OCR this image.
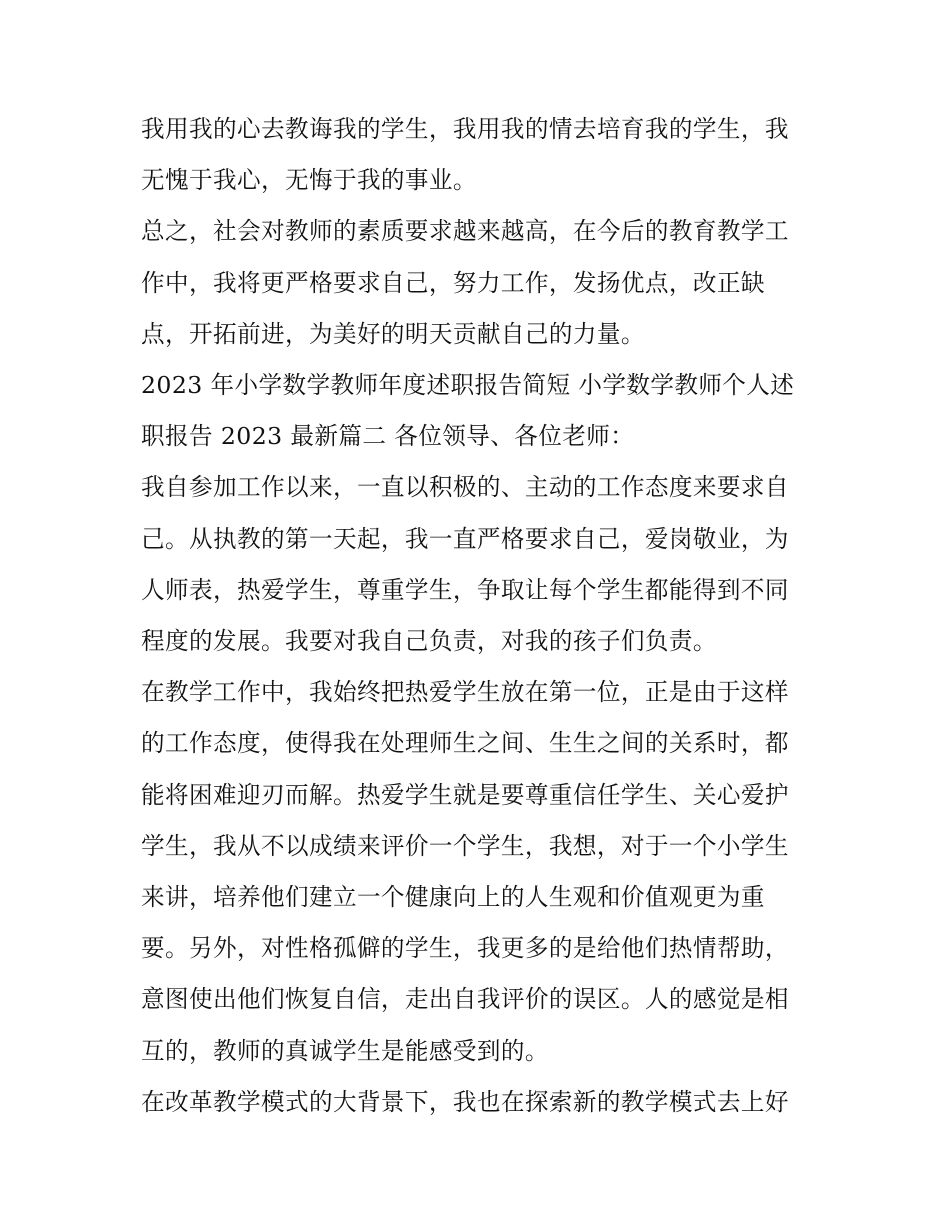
我用我的心去教诲我的学生，我用我的情去培育我的学生，我
无愧于我心，无悔于我的事业。

总之，社会对教师的素质要求越来越高，在今后的教育教学工
作中，我将更严格要求自己，努力工作，发扬优点，改正缺
点，开拓前进，为美好的明天贡献自己的力量。

2023 年小学数学教师年度述职报告简短 小学数学教师个人述
职报告 2023 最新篇二 各位领导、各位老师：

我自参加工作以来，一直以积极的、主动的工作态度来要求自
己。从执教的第一天起，我一直严格要求自己，爱岗敬业，为
人师表，热爱学生，尊重学生，争取让每个学生都能得到不同
程度的发展。我要对我自己负责，对我的孩子们负责。

在教学工作中，我始终把热爱学生放在第一位，正是由于这样
的工作态度，使得我在处理师生之间、生生之间的关系时，都
能将困难迎刃而解。热爱学生就是要尊重信任学生、关心爱护
学生，我从不以成绩来评价一个学生，我想，对于一个小学生
来讲，培养他们建立一个健康向上的人生观和价值观更为重
要。另外，对性格孤僻的学生，我更多的是给他们热情帮助，
意图使出他们恢复自信，走出自我评价的误区。人的感觉是相
互的，教师的真诚学生是能感受到的。

在改革教学模式的大背景下，我也在探索新的教学模式去上好
